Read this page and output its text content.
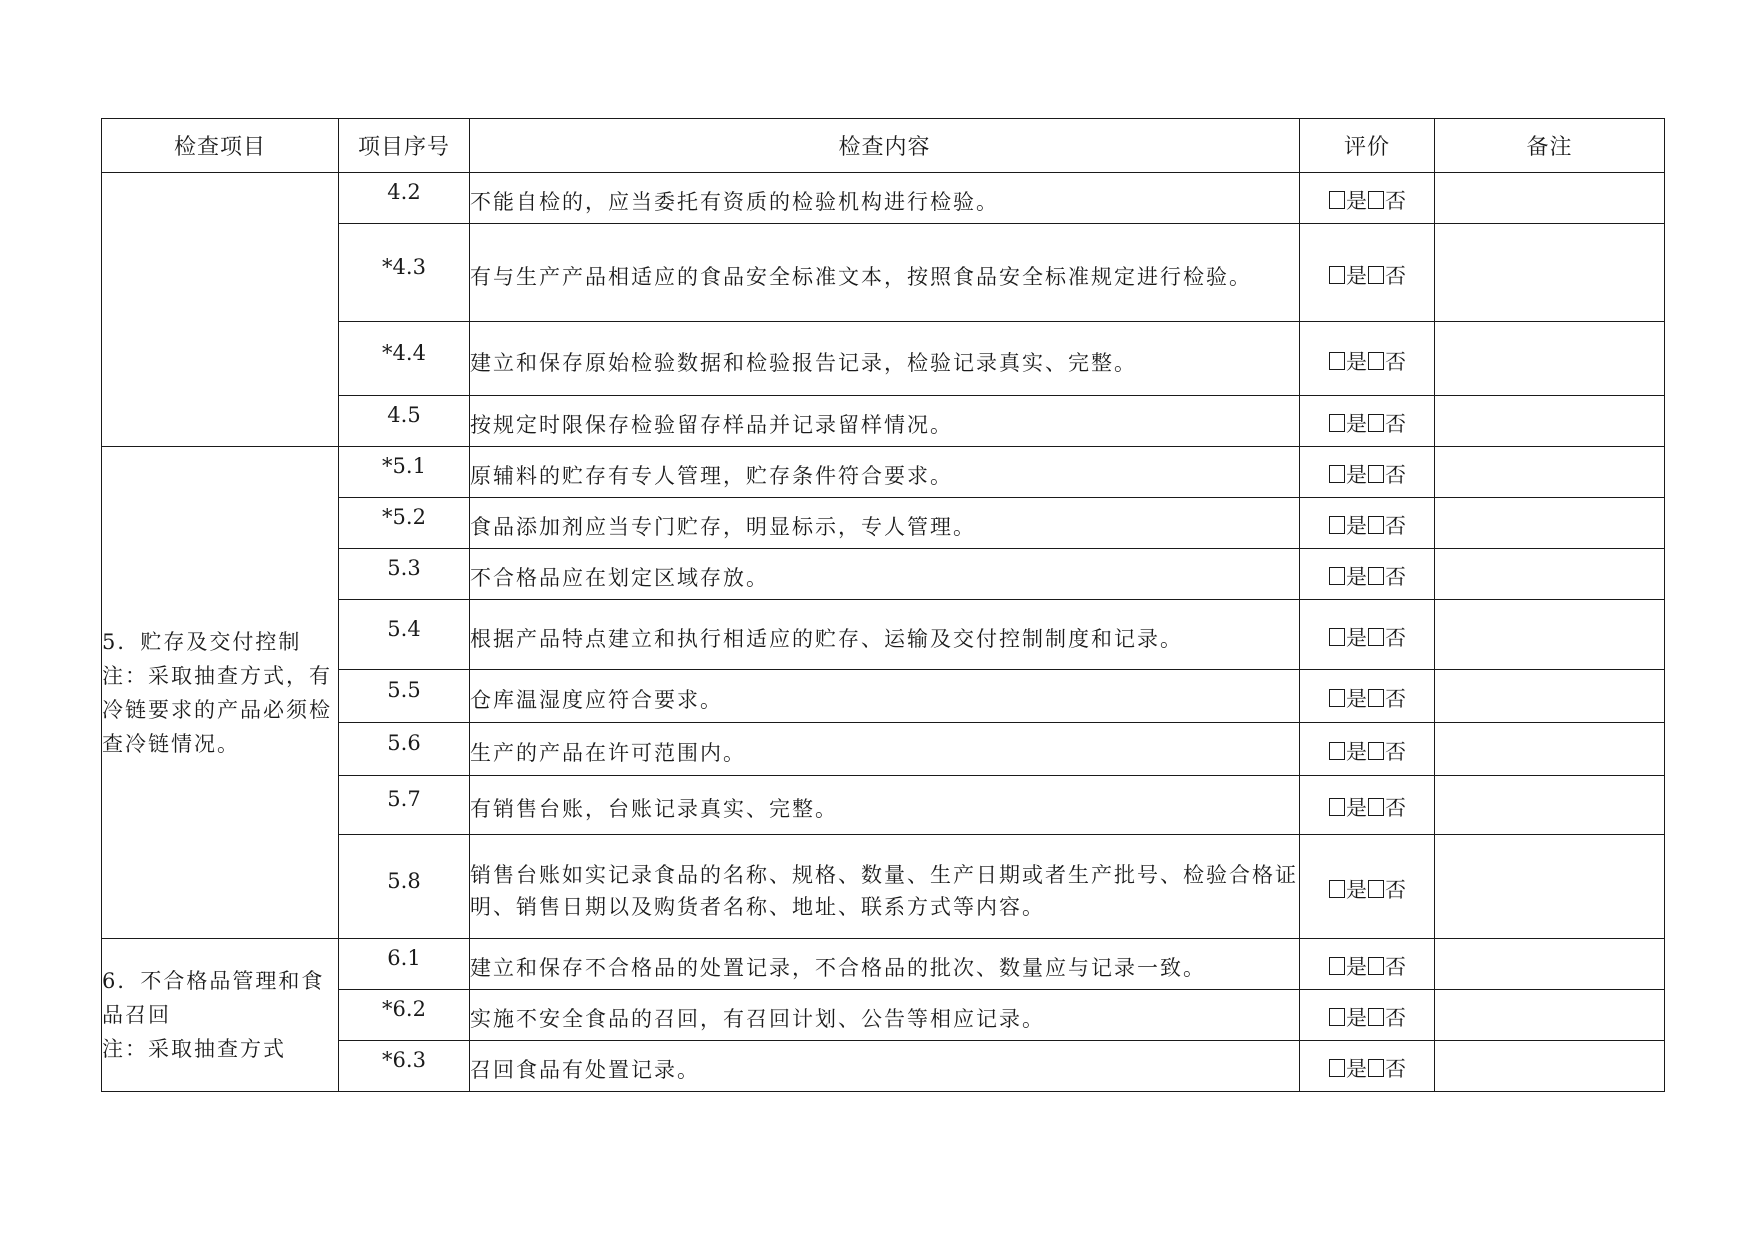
检查项目	项目序号	检查内容	评价	备注
	4.2	不能自检的，应当委托有资质的检验机构进行检验。	是 否	

	*4.3	有与生产产品相适应的食品安全标准文本，按照食品安全标准规定进行检验。	是 否	

	*4.4	建立和保存原始检验数据和检验报告记录，检验记录真实、完整。	是 否	

	4.5	按规定时限保存检验留存样品并记录留样情况。	是 否	

5．贮存及交付控制
注：采取抽查方式，有冷链要求的产品必须检查冷链情况。	*5.1	原辅料的贮存有专人管理，贮存条件符合要求。	是 否	

	*5.2	食品添加剂应当专门贮存，明显标示，专人管理。	是 否	

	5.3	不合格品应在划定区域存放。	是 否	

	5.4	根据产品特点建立和执行相适应的贮存、运输及交付控制制度和记录。	是 否	

	5.5	仓库温湿度应符合要求。	是 否	

	5.6	生产的产品在许可范围内。	是 否	

	5.7	有销售台账，台账记录真实、完整。	是 否	

	5.8	销售台账如实记录食品的名称、规格、数量、生产日期或者生产批号、检验合格证明、销售日期以及购货者名称、地址、联系方式等内容。	是 否	

6．不合格品管理和食品召回
注：采取抽查方式	6.1	建立和保存不合格品的处置记录，不合格品的批次、数量应与记录一致。	是 否	

	*6.2	实施不安全食品的召回，有召回计划、公告等相应记录。	是 否	

	*6.3	召回食品有处置记录。	是 否	
